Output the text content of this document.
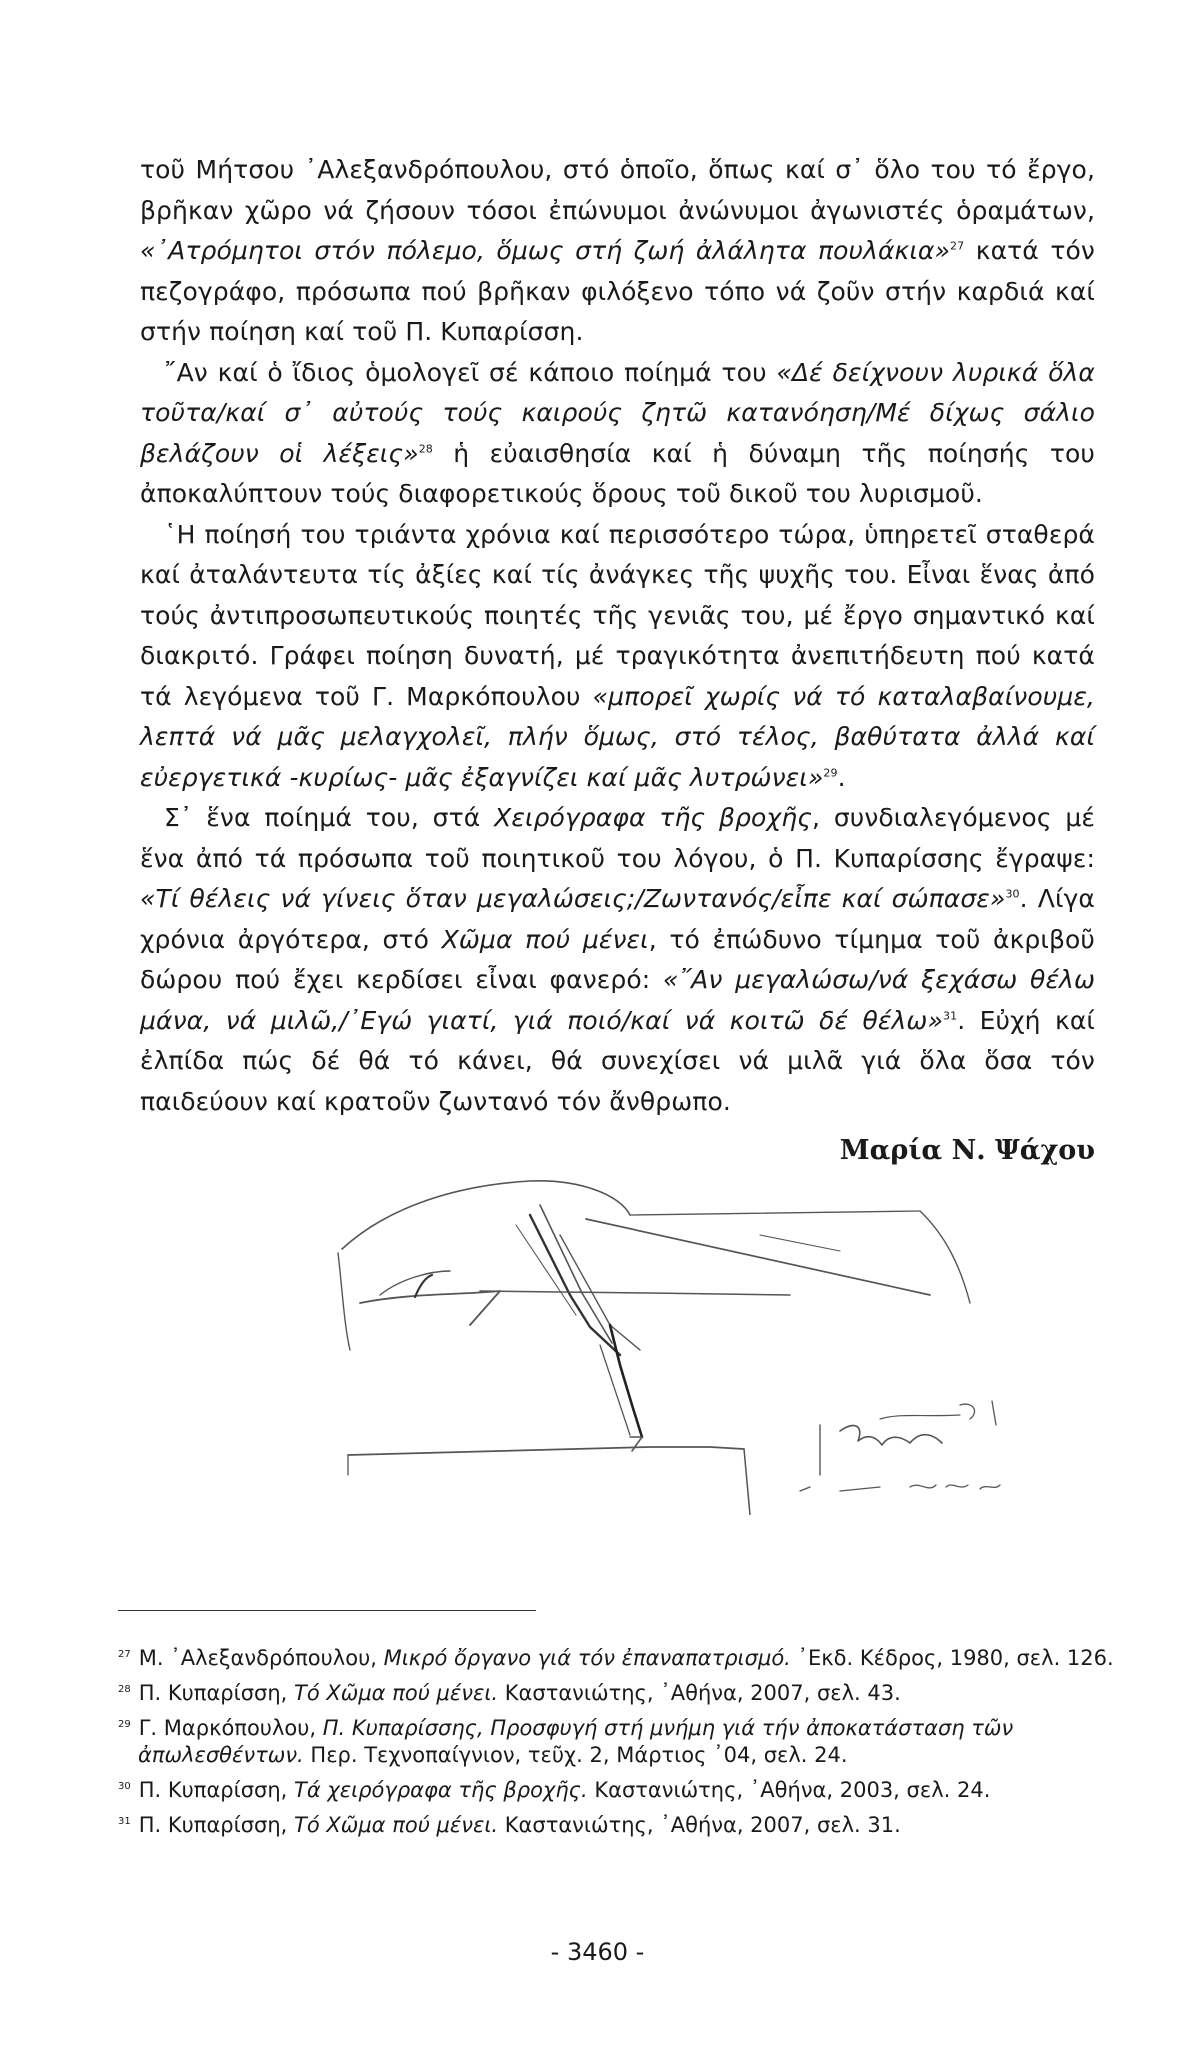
τοῦ Μήτσου ᾿Αλεξανδρόπουλου, στό ὁποῖο, ὅπως καί σ᾿ ὅλο του τό ἔργο, βρῆκαν χῶρο νά ζήσουν τόσοι ἐπώνυμοι ἀνώνυμοι ἀγωνιστές ὁραμάτων, «᾿Ατρόμητοι στόν πόλεμο, ὅμως στή ζωή ἀλάλητα πουλάκια»$^{27}$ κατά τόν πεζογράφο, πρόσωπα πού βρῆκαν φιλόξενο τόπο νά ζοῦν στήν καρδιά καί στήν ποίηση καί τοῦ Π. Κυπαρίσση.

῎Αν καί ὁ ἴδιος ὁμολογεῖ σέ κάποιο ποίημά του «Δέ δείχνουν λυρικά ὅλα τοῦτα/καί σ᾿ αὐτούς τούς καιρούς ζητῶ κατανόηση/Μέ δίχως σάλιο βελάζουν οἱ λέξεις»$^{28}$ ἡ εὐαισθησία καί ἡ δύναμη τῆς ποίησής του ἀποκαλύπτουν τούς διαφορετικούς ὅρους τοῦ δικοῦ του λυρισμοῦ.

῾Η ποίησή του τριάντα χρόνια καί περισσότερο τώρα, ὑπηρετεῖ σταθερά καί ἀταλάντευτα τίς ἀξίες καί τίς ἀνάγκες τῆς ψυχῆς του. Εἶναι ἕνας ἀπό τούς ἀντιπροσωπευτικούς ποιητές τῆς γενιᾶς του, μέ ἔργο σημαντικό καί διακριτό. Γράφει ποίηση δυνατή, μέ τραγικότητα ἀνεπιτήδευτη πού κατά τά λεγόμενα τοῦ Γ. Μαρκόπουλου «μπορεῖ χωρίς νά τό καταλαβαίνουμε, λεπτά νά μᾶς μελαγχολεῖ, πλήν ὅμως, στό τέλος, βαθύτατα ἀλλά καί εὐεργετικά -κυρίως- μᾶς ἐξαγνίζει καί μᾶς λυτρώνει»$^{29}$.

Σ᾿ ἕνα ποίημά του, στά Χειρόγραφα τῆς βροχῆς, συνδιαλεγόμενος μέ ἕνα ἀπό τά πρόσωπα τοῦ ποιητικοῦ του λόγου, ὁ Π. Κυπαρίσσης ἔγραψε: «Τί θέλεις νά γίνεις ὅταν μεγαλώσεις;/Ζωντανός/εἶπε καί σώπασε»$^{30}$. Λίγα χρόνια ἀργότερα, στό Χῶμα πού μένει, τό ἐπώδυνο τίμημα τοῦ ἀκριβοῦ δώρου πού ἔχει κερδίσει εἶναι φανερό: «῎Αν μεγαλώσω/νά ξεχάσω θέλω μάνα, νά μιλῶ,/᾿Εγώ γιατί, γιά ποιό/καί νά κοιτῶ δέ θέλω»$^{31}$. Εὐχή καί ἐλπίδα πώς δέ θά τό κάνει, θά συνεχίσει νά μιλᾶ γιά ὅλα ὅσα τόν παιδεύουν καί κρατοῦν ζωντανό τόν ἄνθρωπο.

Μαρία Ν. Ψάχου

$^{27}$ Μ. ᾿Αλεξανδρόπουλου, Μικρό ὄργανο γιά τόν ἐπαναπατρισμό. ᾿Εκδ. Κέδρος, 1980, σελ. 126.

$^{28}$ Π. Κυπαρίσση, Τό Χῶμα πού μένει. Καστανιώτης, ᾿Αθήνα, 2007, σελ. 43.

$^{29}$ Γ. Μαρκόπουλου, Π. Κυπαρίσσης, Προσφυγή στή μνήμη γιά τήν ἀποκατάσταση τῶν ἀπωλεσθέντων. Περ. Τεχνοπαίγνιον, τεῦχ. 2, Μάρτιος ᾿04, σελ. 24.

$^{30}$ Π. Κυπαρίσση, Τά χειρόγραφα τῆς βροχῆς. Καστανιώτης, ᾿Αθήνα, 2003, σελ. 24.

$^{31}$ Π. Κυπαρίσση, Τό Χῶμα πού μένει. Καστανιώτης, ᾿Αθήνα, 2007, σελ. 31.

- 3460 -
